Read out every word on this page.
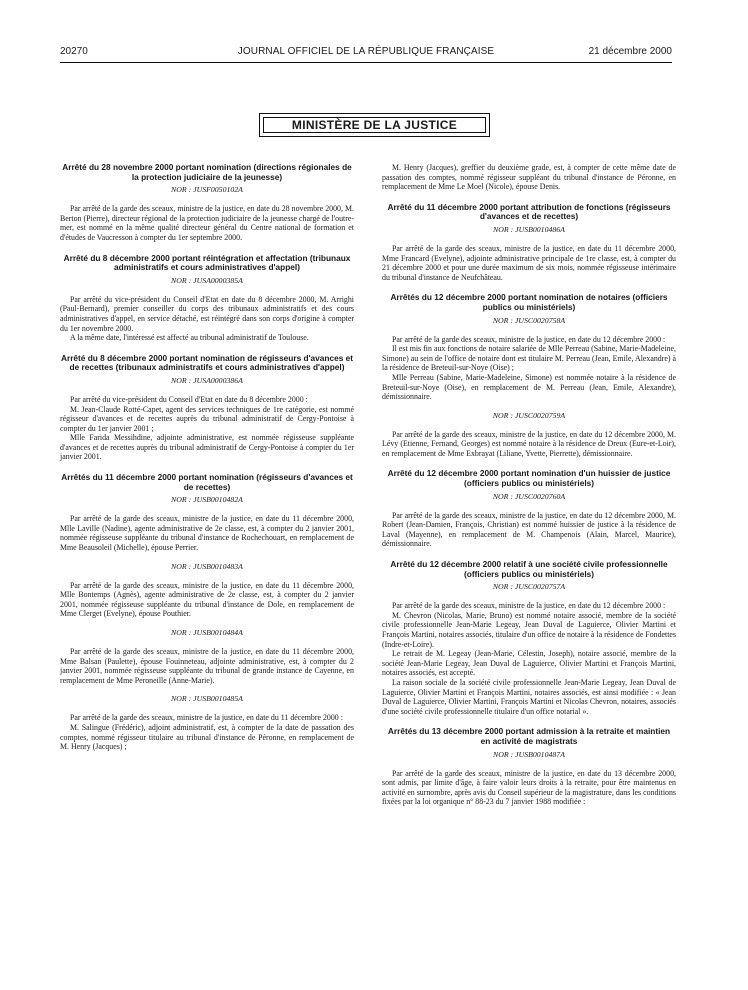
20270	JOURNAL OFFICIEL DE LA RÉPUBLIQUE FRANÇAISE	21 décembre 2000
MINISTÈRE DE LA JUSTICE

Arrêté du 28 novembre 2000 portant nomination (directions régionales de la protection judiciaire de la jeunesse)

NOR : JUSF0050102A

Par arrêté de la garde des sceaux, ministre de la justice, en date du 28 novembre 2000, M. Berton (Pierre), directeur régional de la protection judiciaire de la jeunesse chargé de l'outre-mer, est nommé en la même qualité directeur général du Centre national de formation et d'études de Vaucresson à compter du 1er septembre 2000.

Arrêté du 8 décembre 2000 portant réintégration et affectation (tribunaux administratifs et cours administratives d'appel)

NOR : JUSA0000385A

Par arrêté du vice-président du Conseil d'Etat en date du 8 décembre 2000, M. Arrighi (Paul-Bernard), premier conseiller du corps des tribunaux administratifs et des cours administratives d'appel, en service détaché, est réintégré dans son corps d'origine à compter du 1er novembre 2000.

A la même date, l'intéressé est affecté au tribunal administratif de Toulouse.

Arrêté du 8 décembre 2000 portant nomination de régisseurs d'avances et de recettes (tribunaux administratifs et cours administratives d'appel)

NOR : JUSA0000386A

Par arrêté du vice-président du Conseil d'Etat en date du 8 décembre 2000 :

M. Jean-Claude Rotté-Capet, agent des services techniques de 1re catégorie, est nommé régisseur d'avances et de recettes auprès du tribunal administratif de Cergy-Pontoise à compter du 1er janvier 2001 ;

Mlle Farida Messihdine, adjointe administrative, est nommée régisseuse suppléante d'avances et de recettes auprès du tribunal administratif de Cergy-Pontoise à compter du 1er janvier 2001.

Arrêtés du 11 décembre 2000 portant nomination (régisseurs d'avances et de recettes)

NOR : JUSB0010482A

Par arrêté de la garde des sceaux, ministre de la justice, en date du 11 décembre 2000, Mlle Laville (Nadine), agente administrative de 2e classe, est, à compter du 2 janvier 2001, nommée régisseuse suppléante du tribunal d'instance de Rochechouart, en remplacement de Mme Beausoleil (Michelle), épouse Perrier.

NOR : JUSB0010483A

Par arrêté de la garde des sceaux, ministre de la justice, en date du 11 décembre 2000, Mlle Bontemps (Agnès), agente administrative de 2e classe, est, à compter du 2 janvier 2001, nommée régisseuse suppléante du tribunal d'instance de Dole, en remplacement de Mme Clerget (Evelyne), épouse Pouthier.

NOR : JUSB0010484A

Par arrêté de la garde des sceaux, ministre de la justice, en date du 11 décembre 2000, Mme Balsan (Paulette), épouse Fouinneteau, adjointe administrative, est, à compter du 2 janvier 2001, nommée régisseuse suppléante du tribunal de grande instance de Cayenne, en remplacement de Mme Peroneille (Anne-Marie).

NOR : JUSB0010485A

Par arrêté de la garde des sceaux, ministre de la justice, en date du 11 décembre 2000 :

M. Salingue (Frédéric), adjoint administratif, est, à compter de la date de passation des comptes, nommé régisseur titulaire au tribunal d'instance de Péronne, en remplacement de M. Henry (Jacques) ;

M. Henry (Jacques), greffier du deuxième grade, est, à compter de cette même date de passation des comptes, nommé régisseur suppléant du tribunal d'instance de Péronne, en remplacement de Mme Le Moel (Nicole), épouse Denis.

Arrêté du 11 décembre 2000 portant attribution de fonctions (régisseurs d'avances et de recettes)

NOR : JUSB0010486A

Par arrêté de la garde des sceaux, ministre de la justice, en date du 11 décembre 2000, Mme Francard (Evelyne), adjointe administrative principale de 1re classe, est, à compter du 21 décembre 2000 et pour une durée maximum de six mois, nommée régisseuse intérimaire du tribunal d'instance de Neufchâteau.

Arrêtés du 12 décembre 2000 portant nomination de notaires (officiers publics ou ministériels)

NOR : JUSC0020758A

Par arrêté de la garde des sceaux, ministre de la justice, en date du 12 décembre 2000 :

Il est mis fin aux fonctions de notaire salariée de Mlle Perreau (Sabine, Marie-Madeleine, Simone) au sein de l'office de notaire dont est titulaire M. Perreau (Jean, Emile, Alexandre) à la résidence de Breteuil-sur-Noye (Oise) ;

Mlle Perreau (Sabine, Marie-Madeleine, Simone) est nommée notaire à la résidence de Breteuil-sur-Noye (Oise), en remplacement de M. Perreau (Jean, Emile, Alexandre), démissionnaire.

NOR : JUSC0020759A

Par arrêté de la garde des sceaux, ministre de la justice, en date du 12 décembre 2000, M. Lévy (Etienne, Fernand, Georges) est nommé notaire à la résidence de Dreux (Eure-et-Loir), en remplacement de Mme Exbrayat (Liliane, Yvette, Pierrette), démissionnaire.

Arrêté du 12 décembre 2000 portant nomination d'un huissier de justice (officiers publics ou ministériels)

NOR : JUSC0020760A

Par arrêté de la garde des sceaux, ministre de la justice, en date du 12 décembre 2000, M. Robert (Jean-Damien, François, Christian) est nommé huissier de justice à la résidence de Laval (Mayenne), en remplacement de M. Champenois (Alain, Marcel, Maurice), démissionnaire.

Arrêté du 12 décembre 2000 relatif à une société civile professionnelle (officiers publics ou ministériels)

NOR : JUSC0020757A

Par arrêté de la garde des sceaux, ministre de la justice, en date du 12 décembre 2000 :

M. Chevron (Nicolas, Marie, Bruno) est nommé notaire associé, membre de la société civile professionnelle Jean-Marie Legeay, Jean Duval de Laguierce, Olivier Martini et François Martini, notaires associés, titulaire d'un office de notaire à la résidence de Fondettes (Indre-et-Loire).

Le retrait de M. Legeay (Jean-Marie, Célestin, Joseph), notaire associé, membre de la société Jean-Marie Legeay, Jean Duval de Laguierce, Olivier Martini et François Martini, notaires associés, est accepté.

La raison sociale de la société civile professionnelle Jean-Marie Legeay, Jean Duval de Laguierce, Olivier Martini et François Martini, notaires associés, est ainsi modifiée : « Jean Duval de Laguierce, Olivier Martini, François Martini et Nicolas Chevron, notaires, associés d'une société civile professionnelle titulaire d'un office notarial ».

Arrêtés du 13 décembre 2000 portant admission à la retraite et maintien en activité de magistrats

NOR : JUSB0010487A

Par arrêté de la garde des sceaux, ministre de la justice, en date du 13 décembre 2000, sont admis, par limite d'âge, à faire valoir leurs droits à la retraite, pour être maintenus en activité en surnombre, après avis du Conseil supérieur de la magistrature, dans les conditions fixées par la loi organique n° 88-23 du 7 janvier 1988 modifiée :
